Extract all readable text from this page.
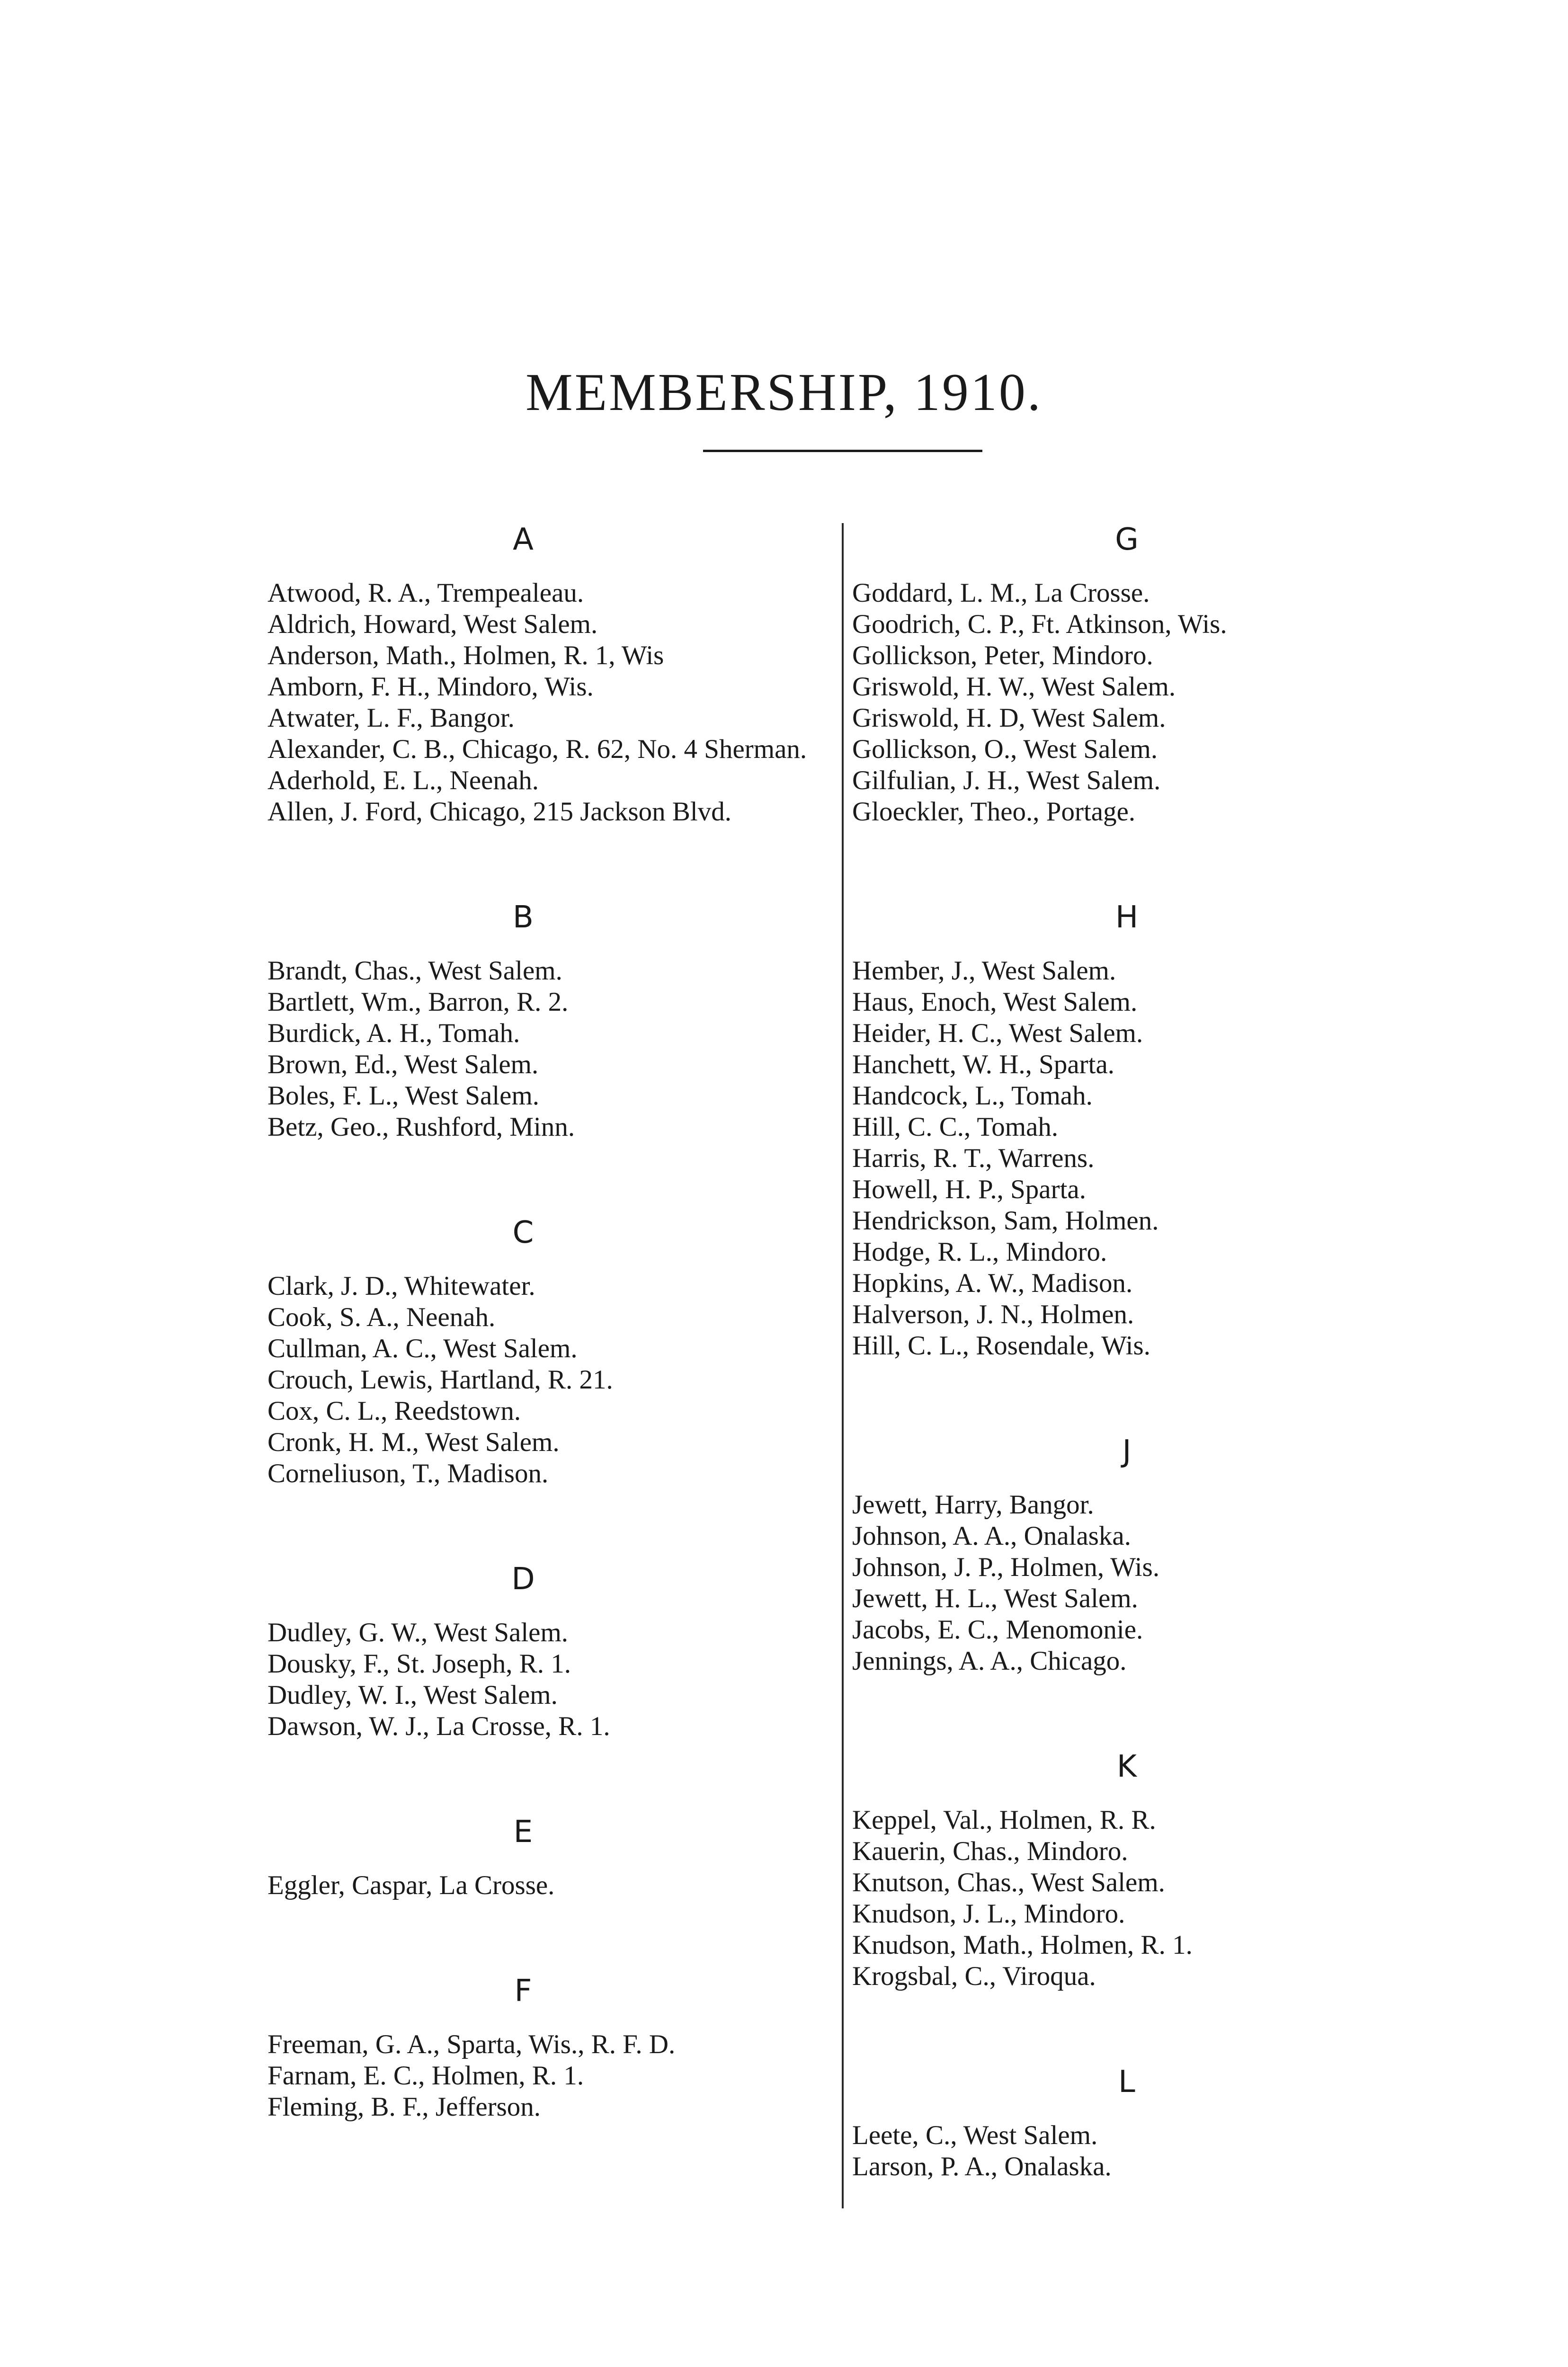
MEMBERSHIP, 1910.
A
Atwood, R. A., Trempealeau.
Aldrich, Howard, West Salem.
Anderson, Math., Holmen, R. 1, Wis
Amborn, F. H., Mindoro, Wis.
Atwater, L. F., Bangor.
Alexander, C. B., Chicago, R. 62, No. 4 Sherman.
Aderhold, E. L., Neenah.
Allen, J. Ford, Chicago, 215 Jackson Blvd.
B
Brandt, Chas., West Salem.
Bartlett, Wm., Barron, R. 2.
Burdick, A. H., Tomah.
Brown, Ed., West Salem.
Boles, F. L., West Salem.
Betz, Geo., Rushford, Minn.
C
Clark, J. D., Whitewater.
Cook, S. A., Neenah.
Cullman, A. C., West Salem.
Crouch, Lewis, Hartland, R. 21.
Cox, C. L., Reedstown.
Cronk, H. M., West Salem.
Corneliuson, T., Madison.
D
Dudley, G. W., West Salem.
Dousky, F., St. Joseph, R. 1.
Dudley, W. I., West Salem.
Dawson, W. J., La Crosse, R. 1.
E
Eggler, Caspar, La Crosse.
F
Freeman, G. A., Sparta, Wis., R. F. D.
Farnam, E. C., Holmen, R. 1.
Fleming, B. F., Jefferson.
G
Goddard, L. M., La Crosse.
Goodrich, C. P., Ft. Atkinson, Wis.
Gollickson, Peter, Mindoro.
Griswold, H. W., West Salem.
Griswold, H. D, West Salem.
Gollickson, O., West Salem.
Gilfulian, J. H., West Salem.
Gloeckler, Theo., Portage.
H
Hember, J., West Salem.
Haus, Enoch, West Salem.
Heider, H. C., West Salem.
Hanchett, W. H., Sparta.
Handcock, L., Tomah.
Hill, C. C., Tomah.
Harris, R. T., Warrens.
Howell, H. P., Sparta.
Hendrickson, Sam, Holmen.
Hodge, R. L., Mindoro.
Hopkins, A. W., Madison.
Halverson, J. N., Holmen.
Hill, C. L., Rosendale, Wis.
J
Jewett, Harry, Bangor.
Johnson, A. A., Onalaska.
Johnson, J. P., Holmen, Wis.
Jewett, H. L., West Salem.
Jacobs, E. C., Menomonie.
Jennings, A. A., Chicago.
K
Keppel, Val., Holmen, R. R.
Kauerin, Chas., Mindoro.
Knutson, Chas., West Salem.
Knudson, J. L., Mindoro.
Knudson, Math., Holmen, R. 1.
Krogsbal, C., Viroqua.
L
Leete, C., West Salem.
Larson, P. A., Onalaska.
